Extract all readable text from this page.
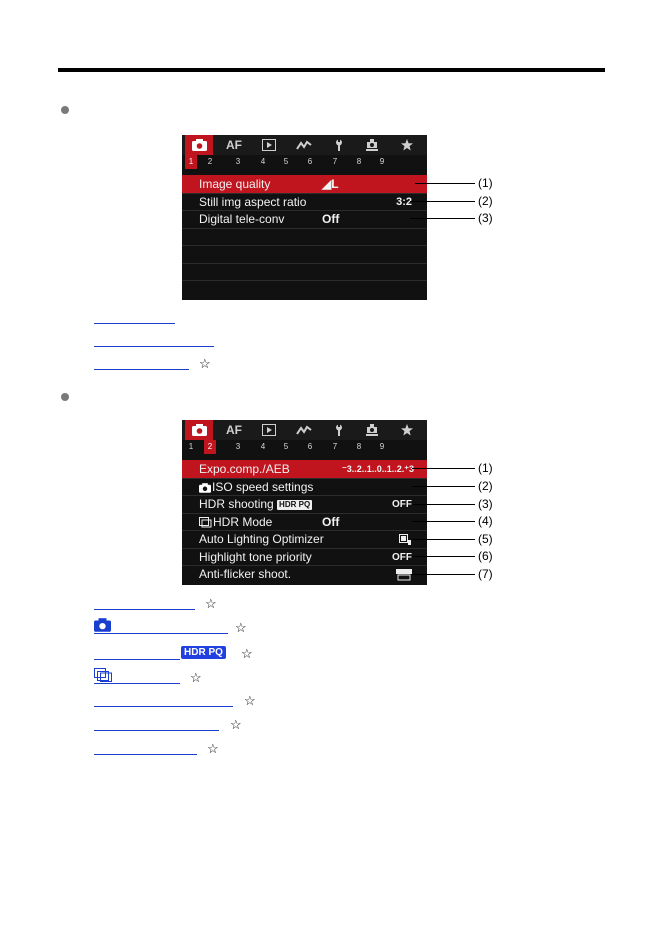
AF
1	2	3	4	5	6	7	8	9
Image quality	◢L
Still img aspect ratio	3:2
Digital tele-conv	Off
(1)
(2)
(3)
☆
AF
1	2	3	4	5	6	7	8	9
Expo.comp./AEB	⁻3..2..1..0..1..2.⁺3
ISO speed settings
HDR shooting HDR PQ	OFF
HDR Mode	Off
Auto Lighting Optimizer
Highlight tone priority	OFF
Anti-flicker shoot.
(1)
(2)
(3)
(4)
(5)
(6)
(7)
☆
☆
HDR PQ ☆
☆
☆
☆
☆
